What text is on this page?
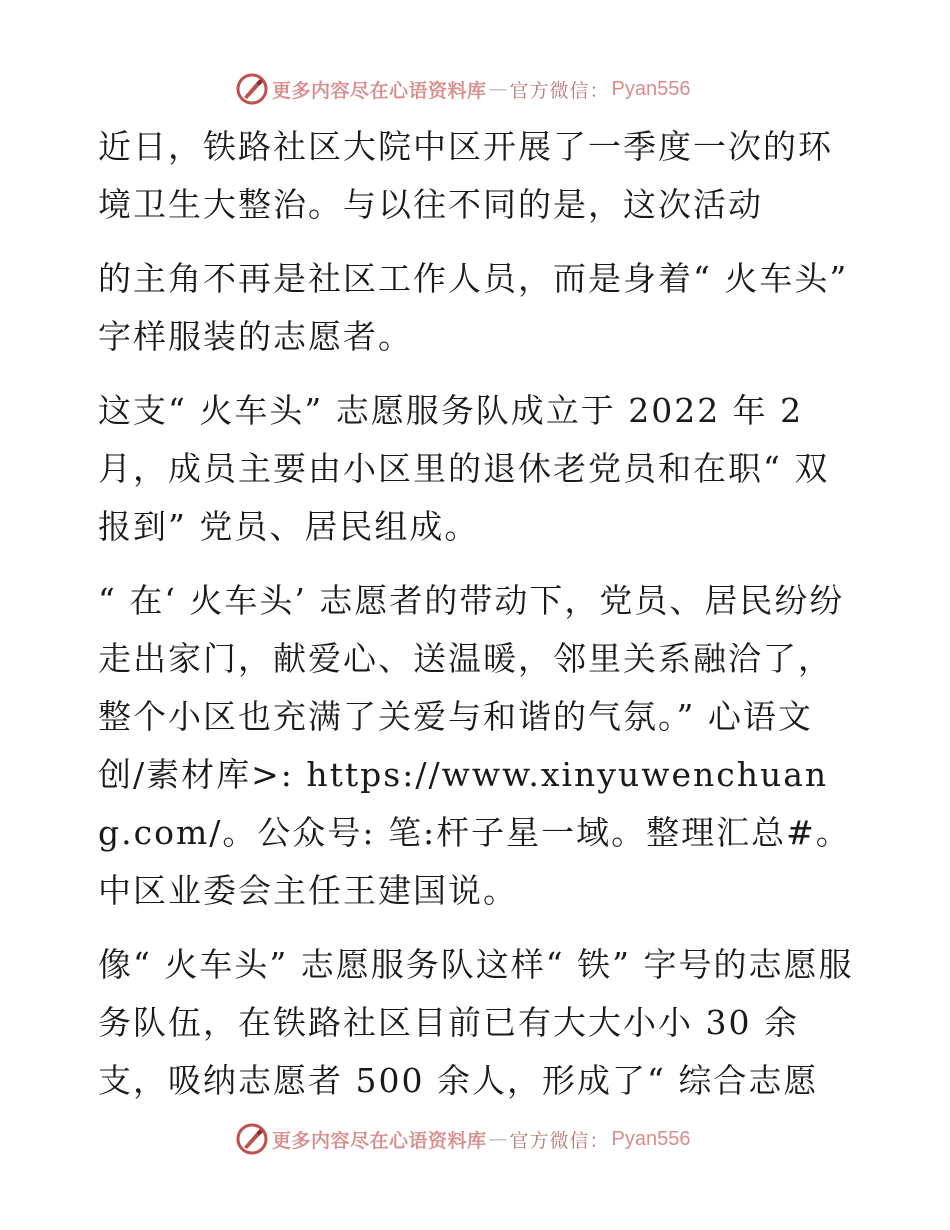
更多内容尽在心语资料库 — 官方微信： Pyan556

近日，铁路社区大院中区开展了一季度一次的环境卫生大整治。与以往不同的是，这次活动

的主角不再是社区工作人员，而是身着“ 火车头” 字样服装的志愿者。

这支“ 火车头” 志愿服务队成立于 2022 年 2 月，成员主要由小区里的退休老党员和在职“ 双报到” 党员、居民组成。

“ 在‘ 火车头’ 志愿者的带动下，党员、居民纷纷走出家门，献爱心、送温暖，邻里关系融洽了，整个小区也充满了关爱与和谐的气氛。” 心语文创/素材库>: https://www.xinyuwenchuang.com/。公众号: 笔:杆子星一域。整理汇总#。中区业委会主任王建国说。

像“ 火车头” 志愿服务队这样“ 铁” 字号的志愿服务队伍，在铁路社区目前已有大大小小 30 余支，吸纳志愿者 500 余人，形成了“ 综合志愿

更多内容尽在心语资料库 — 官方微信： Pyan556
